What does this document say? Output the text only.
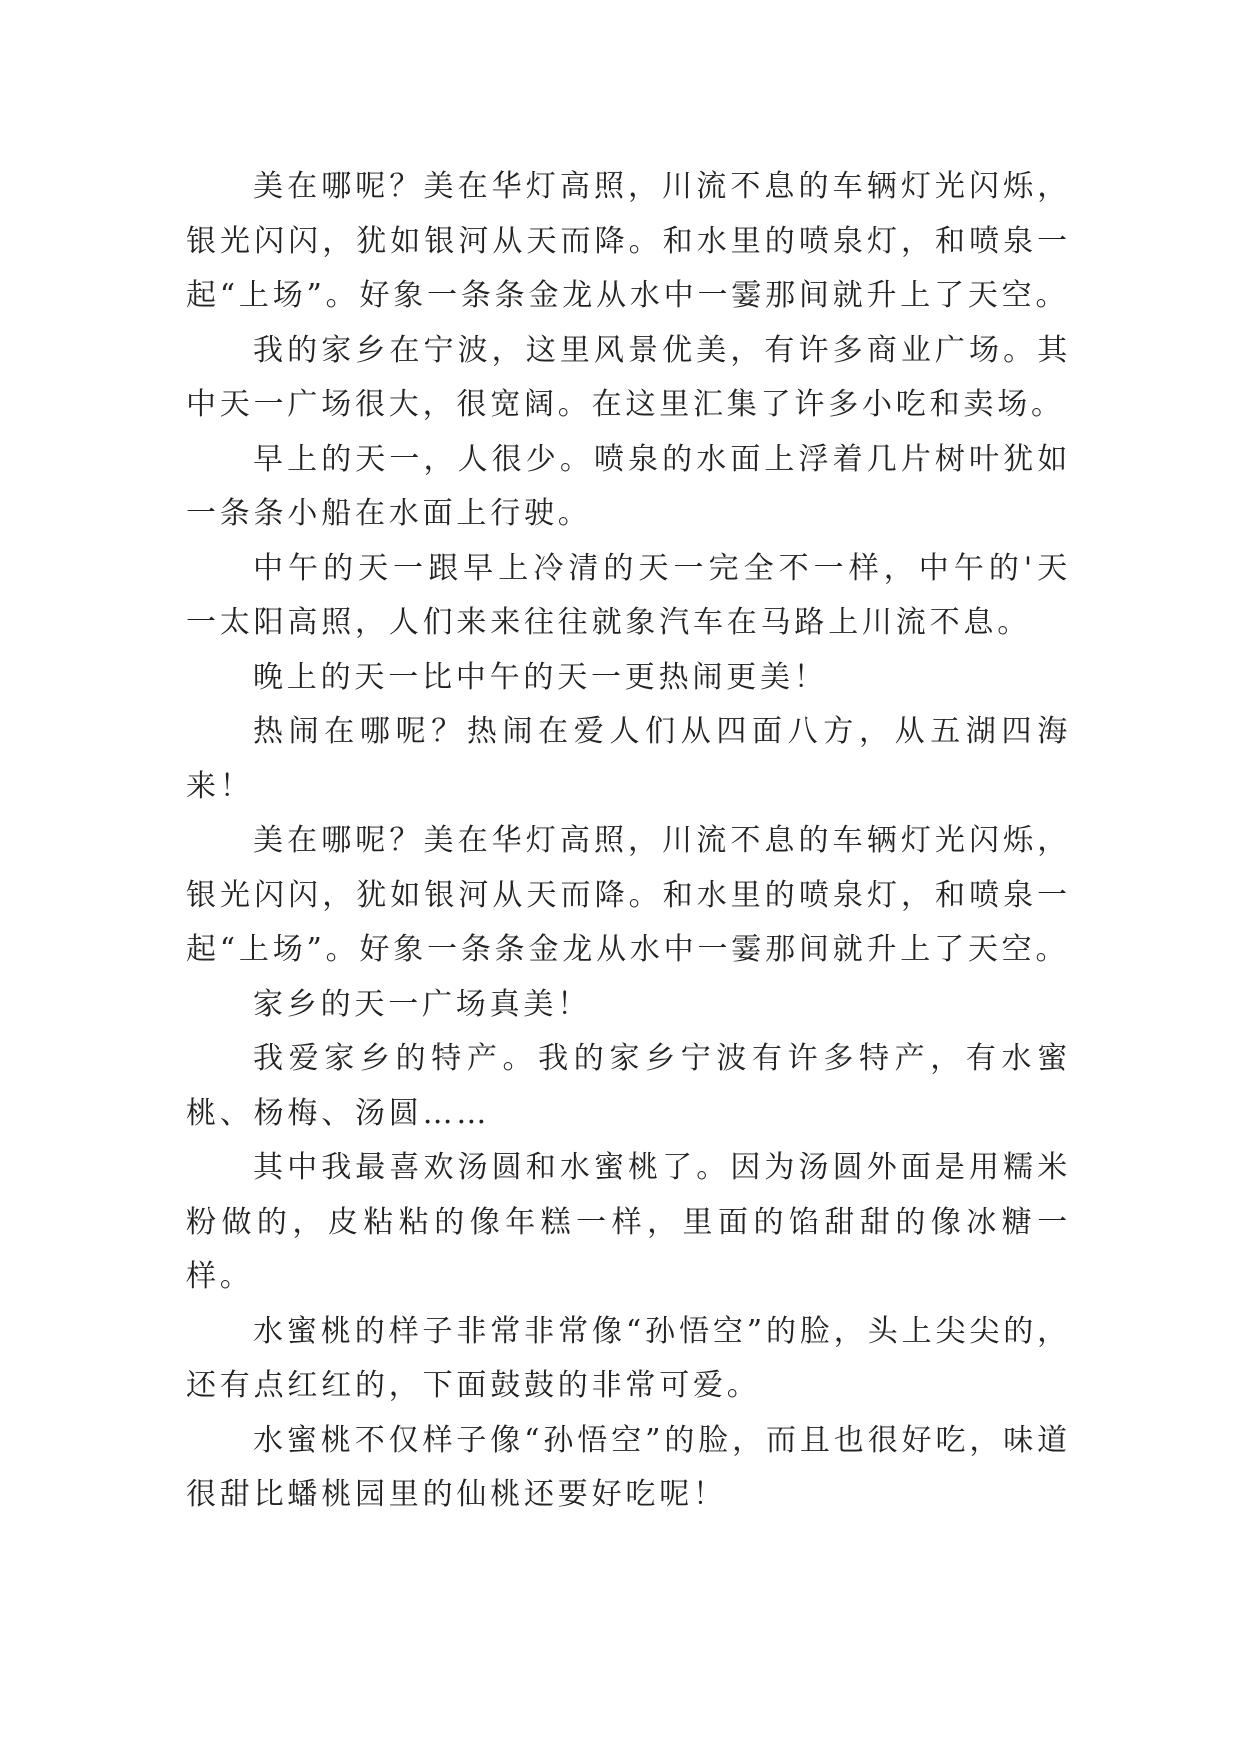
美在哪呢？美在华灯高照，川流不息的车辆灯光闪烁，银光闪闪，犹如银河从天而降。和水里的喷泉灯，和喷泉一起“上场”。好象一条条金龙从水中一霎那间就升上了天空。

我的家乡在宁波，这里风景优美，有许多商业广场。其中天一广场很大，很宽阔。在这里汇集了许多小吃和卖场。

早上的天一，人很少。喷泉的水面上浮着几片树叶犹如一条条小船在水面上行驶。

中午的天一跟早上冷清的天一完全不一样，中午的'天一太阳高照，人们来来往往就象汽车在马路上川流不息。

晚上的天一比中午的天一更热闹更美！

热闹在哪呢？热闹在爱人们从四面八方，从五湖四海来！

美在哪呢？美在华灯高照，川流不息的车辆灯光闪烁，银光闪闪，犹如银河从天而降。和水里的喷泉灯，和喷泉一起“上场”。好象一条条金龙从水中一霎那间就升上了天空。

家乡的天一广场真美！

我爱家乡的特产。我的家乡宁波有许多特产，有水蜜桃、杨梅、汤圆……

其中我最喜欢汤圆和水蜜桃了。因为汤圆外面是用糯米粉做的，皮粘粘的像年糕一样，里面的馅甜甜的像冰糖一样。

水蜜桃的样子非常非常像“孙悟空”的脸，头上尖尖的，还有点红红的，下面鼓鼓的非常可爱。

水蜜桃不仅样子像“孙悟空”的脸，而且也很好吃，味道很甜比蟠桃园里的仙桃还要好吃呢！
